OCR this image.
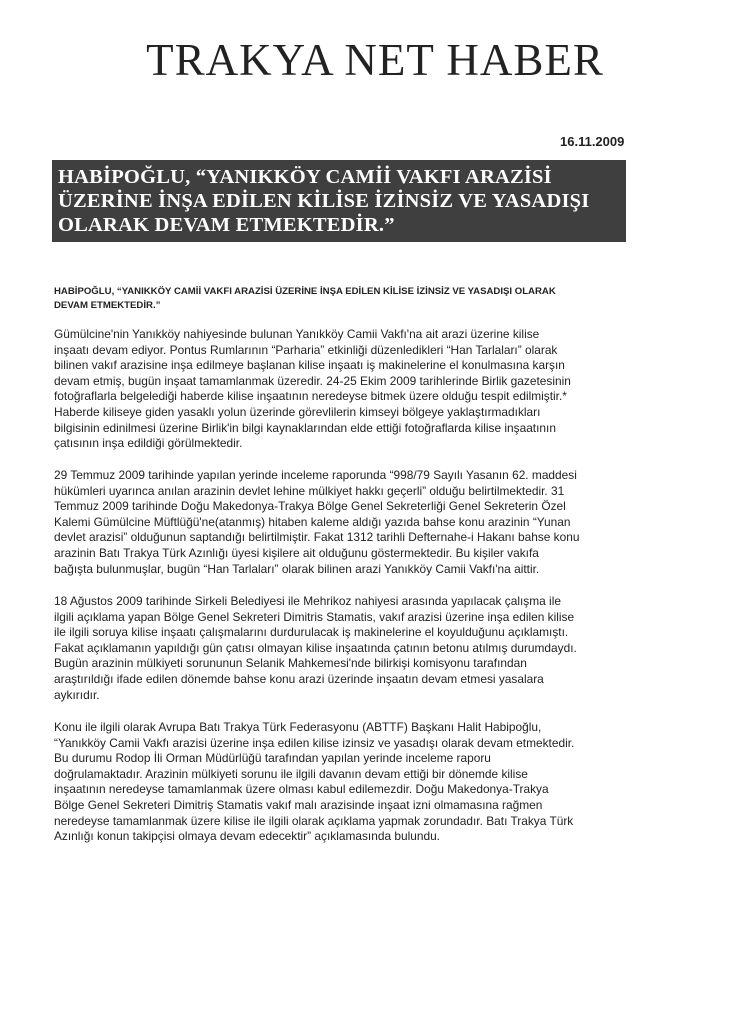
TRAKYA NET HABER
16.11.2009

HABİPOĞLU, “YANIKKÖY CAMİİ VAKFI ARAZİSİ

ÜZERİNE İNŞA EDİLEN KİLİSE İZİNSİZ VE YASADIŞI

OLARAK DEVAM ETMEKTEDİR.”

HABİPOĞLU, “YANIKKÖY CAMİİ VAKFI ARAZİSİ ÜZERİNE İNŞA EDİLEN KİLİSE İZİNSİZ VE YASADIŞI OLARAK
DEVAM ETMEKTEDİR.”
Gümülcine'nin Yanıkköy nahiyesinde bulunan Yanıkköy Camii Vakfı'na ait arazi üzerine kilise
inşaatı devam ediyor. Pontus Rumlarının “Parharia” etkinliği düzenledikleri “Han Tarlaları” olarak
bilinen vakıf arazisine inşa edilmeye başlanan kilise inşaatı iş makinelerine el konulmasına karşın
devam etmiş, bugün inşaat tamamlanmak üzeredir. 24-25 Ekim 2009 tarihlerinde Birlik gazetesinin
fotoğraflarla belgelediği haberde kilise inşaatının neredeyse bitmek üzere olduğu tespit edilmiştir.*
Haberde kiliseye giden yasaklı yolun üzerinde görevlilerin kimseyi bölgeye yaklaştırmadıkları
bilgisinin edinilmesi üzerine Birlik'in bilgi kaynaklarından elde ettiği fotoğraflarda kilise inşaatının
çatısının inşa edildiği görülmektedir.
29 Temmuz 2009 tarihinde yapılan yerinde inceleme raporunda “998/79 Sayılı Yasanın 62. maddesi
hükümleri uyarınca anılan arazinin devlet lehine mülkiyet hakkı geçerli” olduğu belirtilmektedir. 31
Temmuz 2009 tarihinde Doğu Makedonya-Trakya Bölge Genel Sekreterliği Genel Sekreterin Özel
Kalemi Gümülcine Müftlüğü'ne(atanmış) hitaben kaleme aldığı yazıda bahse konu arazinin “Yunan
devlet arazisi” olduğunun saptandığı belirtilmiştir. Fakat 1312 tarihli Defternahe-i Hakanı bahse konu
arazinin Batı Trakya Türk Azınlığı üyesi kişilere ait olduğunu göstermektedir. Bu kişiler vakıfa
bağışta bulunmuşlar, bugün “Han Tarlaları” olarak bilinen arazi Yanıkköy Camii Vakfı'na aittir.
18 Ağustos 2009 tarihinde Sirkeli Belediyesi ile Mehrikoz nahiyesi arasında yapılacak çalışma ile
ilgili açıklama yapan Bölge Genel Sekreteri Dimitris Stamatis, vakıf arazisi üzerine inşa edilen kilise
ile ilgili soruya kilise inşaatı çalışmalarını durdurulacak iş makinelerine el koyulduğunu açıklamıştı.
Fakat açıklamanın yapıldığı gün çatısı olmayan kilise inşaatında çatının betonu atılmış durumdaydı.
Bugün arazinin mülkiyeti sorununun Selanik Mahkemesi'nde bilirkişi komisyonu tarafından
araştırıldığı ifade edilen dönemde bahse konu arazi üzerinde inşaatın devam etmesi yasalara
aykırıdır.
Konu ile ilgili olarak Avrupa Batı Trakya Türk Federasyonu (ABTTF) Başkanı Halit Habipoğlu,
“Yanıkköy Camii Vakfı arazisi üzerine inşa edilen kilise izinsiz ve yasadışı olarak devam etmektedir.
Bu durumu Rodop İli Orman Müdürlüğü tarafından yapılan yerinde inceleme raporu
doğrulamaktadır. Arazinin mülkiyeti sorunu ile ilgili davanın devam ettiği bir dönemde kilise
inşaatının neredeyse tamamlanmak üzere olması kabul edilemezdir. Doğu Makedonya-Trakya
Bölge Genel Sekreteri Dimitriş Stamatis vakıf malı arazisinde inşaat izni olmamasına rağmen
neredeyse tamamlanmak üzere kilise ile ilgili olarak açıklama yapmak zorundadır. Batı Trakya Türk
Azınlığı konun takipçisi olmaya devam edecektir” açıklamasında bulundu.
